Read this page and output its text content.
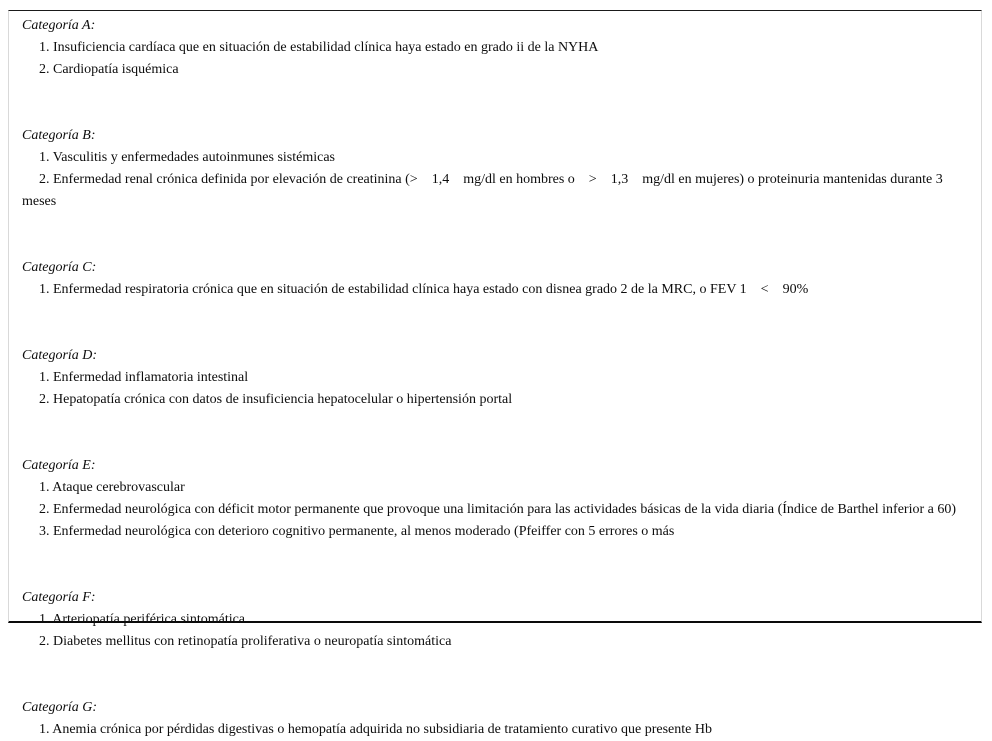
Categoría A:

1. Insuficiencia cardíaca que en situación de estabilidad clínica haya estado en grado ii de la NYHA

2. Cardiopatía isquémica

Categoría B:

1. Vasculitis y enfermedades autoinmunes sistémicas

2. Enfermedad renal crónica definida por elevación de creatinina (>    1,4    mg/dl en hombres o    >    1,3    mg/dl en mujeres) o proteinuria mantenidas durante 3 meses

Categoría C:

1. Enfermedad respiratoria crónica que en situación de estabilidad clínica haya estado con disnea grado 2 de la MRC, o FEV 1    <    90%

Categoría D:

1. Enfermedad inflamatoria intestinal

2. Hepatopatía crónica con datos de insuficiencia hepatocelular o hipertensión portal

Categoría E:

1. Ataque cerebrovascular

2. Enfermedad neurológica con déficit motor permanente que provoque una limitación para las actividades básicas de la vida diaria (Índice de Barthel inferior a 60)

3. Enfermedad neurológica con deterioro cognitivo permanente, al menos moderado (Pfeiffer con 5 errores o más

Categoría F:

1. Arteriopatía periférica sintomática

2. Diabetes mellitus con retinopatía proliferativa o neuropatía sintomática

Categoría G:

1. Anemia crónica por pérdidas digestivas o hemopatía adquirida no subsidiaria de tratamiento curativo que presente Hb
